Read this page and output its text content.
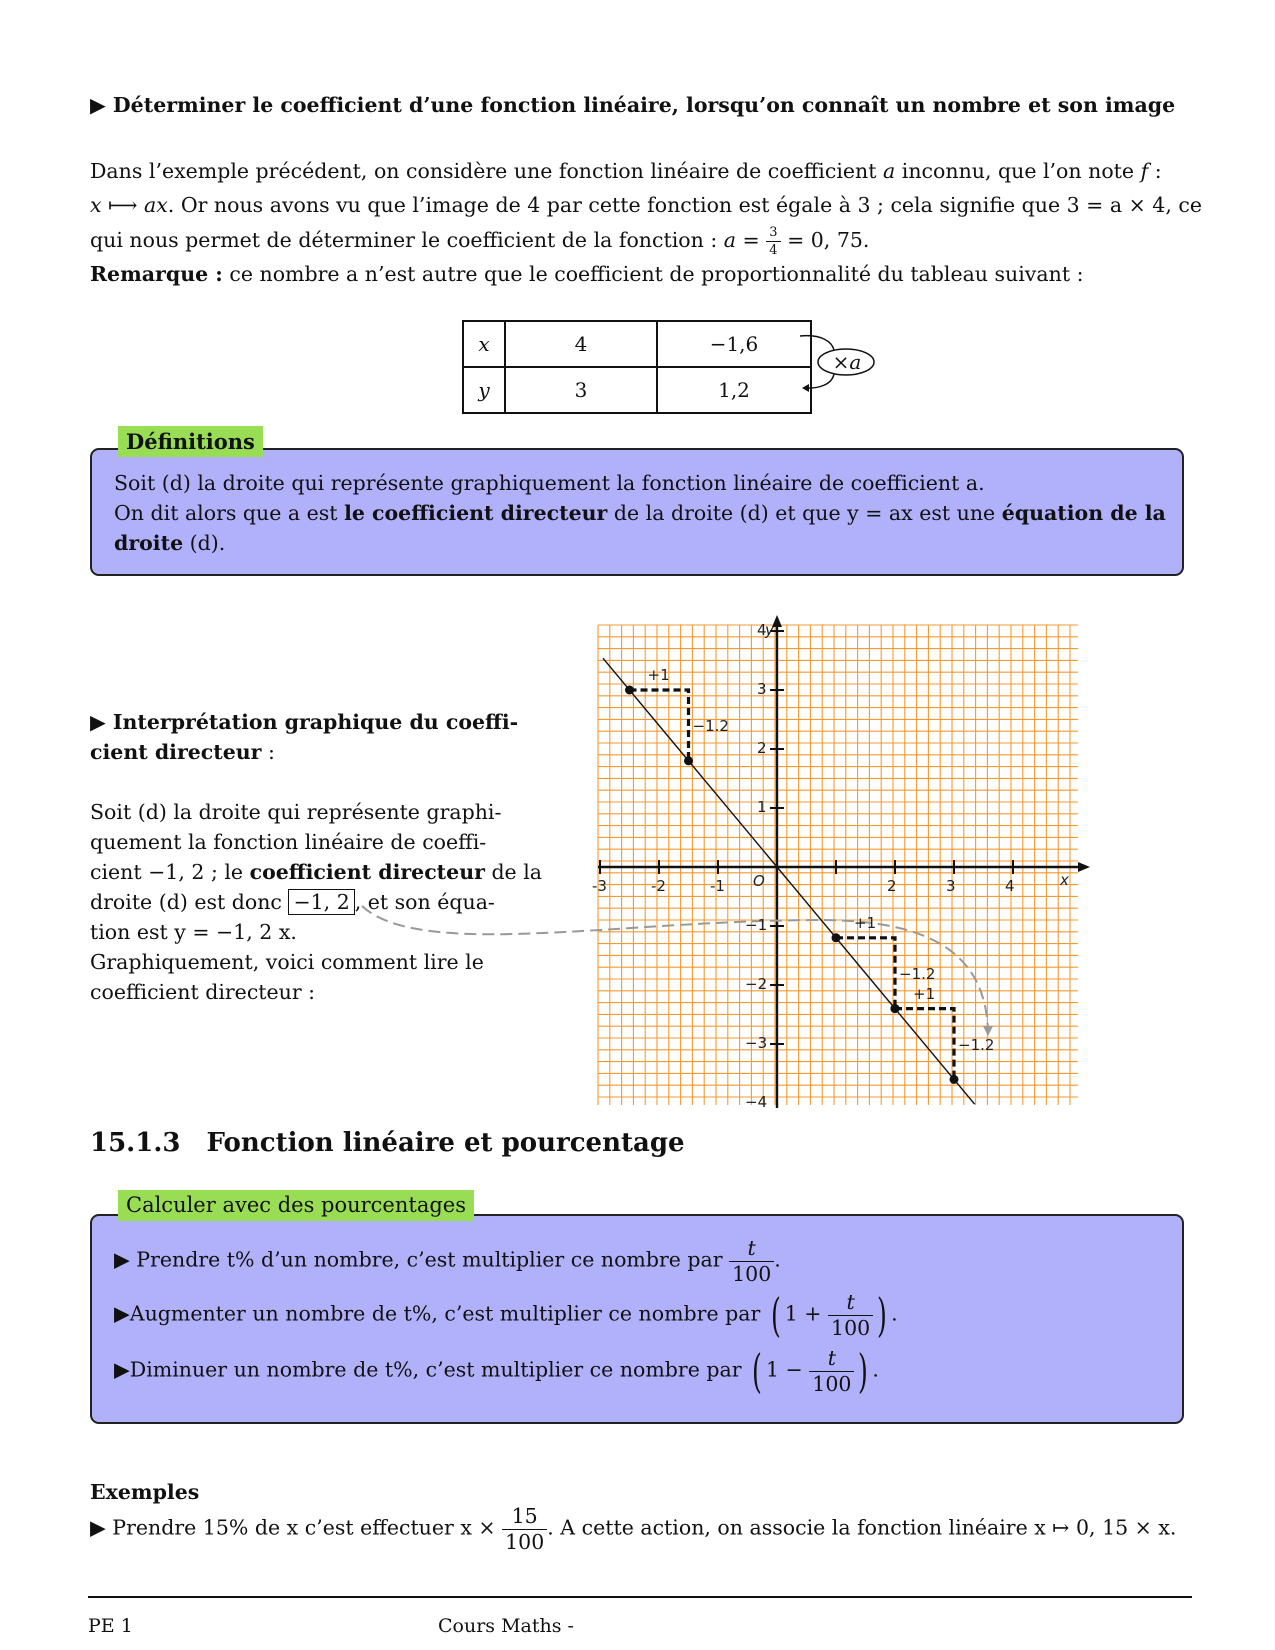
▶ Déterminer le coefficient d’une fonction linéaire, lorsqu’on connaît un nombre et son image
Dans l’exemple précédent, on considère une fonction linéaire de coefficient a inconnu, que l’on note f :
x ⟼ ax. Or nous avons vu que l’image de 4 par cette fonction est égale à 3 ; cela signifie que 3 = a × 4, ce
qui nous permet de déterminer le coefficient de la fonction : $a = \frac{3}{4} = 0$, 75.
Remarque : ce nombre a n’est autre que le coefficient de proportionnalité du tableau suivant :
x	4	−1,6
y	3	1,2
×a
Soit (d) la droite qui représente graphiquement la fonction linéaire de coefficient a.
On dit alors que a est le coefficient directeur de la droite (d) et que y = ax est une équation de la
droite (d).
Définitions
▶ Interprétation graphique du coeffi-
cient directeur :
Soit (d) la droite qui représente graphi-
quement la fonction linéaire de coeffi-
cient −1, 2 ; le coefficient directeur de la
droite (d) est donc −1, 2 , et son équa-
tion est y = −1, 2 x.
Graphiquement, voici comment lire le
coefficient directeur :
-3	-2	-1	2	3	4
4
3
2
1
−1
−2
−3
−4
O	x
y
+1
−1.2
+1
−1.2
+1
−1.2
15.1.3 Fonction linéaire et pourcentage
▶ Prendre t% d’un nombre, c’est multiplier ce nombre par $\frac{t}{100}$ .
▶Augmenter un nombre de t%, c’est multiplier ce nombre par ( $1 + \frac{t}{100}$ ) .
▶Diminuer un nombre de t%, c’est multiplier ce nombre par ( $1 - \frac{t}{100}$ ) .
Calculer avec des pourcentages
Exemples
▶ Prendre 15% de x c’est effectuer $x \times \frac{15}{100}$ . A cette action, on associe la fonction linéaire x ↦ 0, 15 × x.
PE 1	Cours Maths -
